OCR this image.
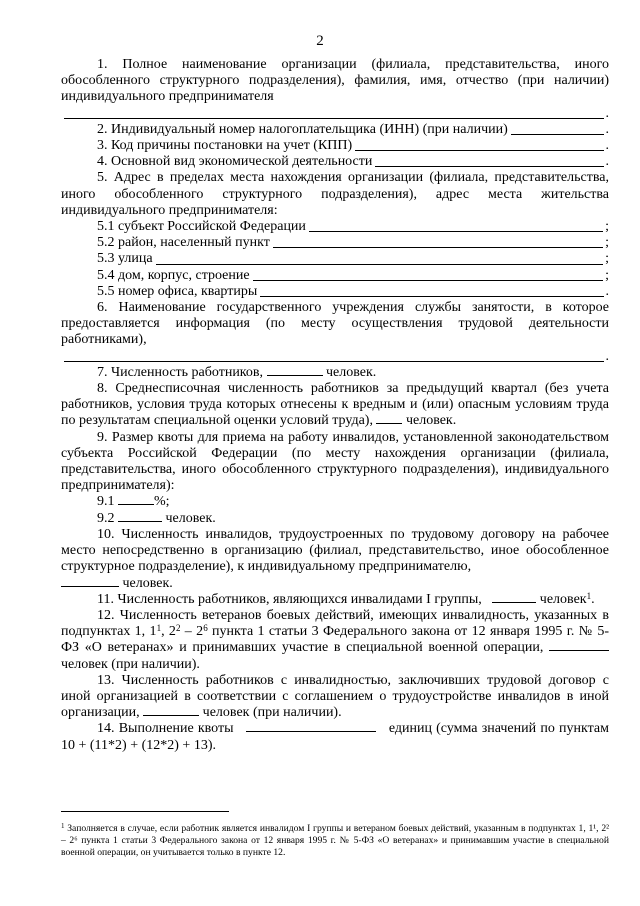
2

1. Полное наименование организации (филиала, представительства, иного обособленного структурного подразделения), фамилия, имя, отчество (при наличии) индивидуального предпринимателя

.
2. Индивидуальный номер налогоплательщика (ИНН) (при наличии)	.
3. Код причины постановки на учет (КПП)	.
4. Основной вид экономической деятельности	.

5. Адрес в пределах места нахождения организации (филиала, представительства, иного обособленного структурного подразделения), адрес места жительства индивидуального предпринимателя:

5.1 субъект Российской Федерации	;
5.2 район, населенный пункт	;
5.3 улица	;
5.4 дом, корпус, строение	;
5.5 номер офиса, квартиры	.

6. Наименование государственного учреждения службы занятости, в которое предоставляется информация (по месту осуществления трудовой деятельности работниками),

.

7. Численность работников,	человек.

8. Среднесписочная численность работников за предыдущий квартал (без учета работников, условия труда которых отнесены к вредным и (или) опасным условиям труда по результатам специальной оценки условий труда), человек.

9. Размер квоты для приема на работу инвалидов, установленной законодательством субъекта Российской Федерации (по месту нахождения организации (филиала, представительства, иного обособленного структурного подразделения), индивидуального предпринимателя):

9.1	%;

9.2	человек.

10. Численность инвалидов, трудоустроенных по трудовому договору на рабочее место непосредственно в организацию (филиал, представительство, иное обособленное структурное подразделение), к индивидуальному предпринимателю,
человек.

11. Численность работников, являющихся инвалидами I группы,	человек$^1$.

12. Численность ветеранов боевых действий, имеющих инвалидность, указанных в подпунктах 1, $1^1$, $2^2 - 2^6$ пункта 1 статьи 3 Федерального закона от 12 января 1995 г. № 5-ФЗ «О ветеранах» и принимавших участие в специальной военной операции,  человек (при наличии).

13. Численность работников с инвалидностью, заключивших трудовой договор с иной организацией в соответствии с соглашением о трудоустройстве инвалидов в иной организации,	человек (при наличии).

14. Выполнение квоты	единиц (сумма значений по пунктам 10 + (11*2) + (12*2) + 13).

$^1$ Заполняется в случае, если работник является инвалидом I группы и ветераном боевых действий, указанным в подпунктах 1, 1¹, 2² – 2⁶ пункта 1 статьи 3 Федерального закона от 12 января 1995 г. № 5-ФЗ «О ветеранах» и принимавшим участие в специальной военной операции, он учитывается только в пункте 12.
